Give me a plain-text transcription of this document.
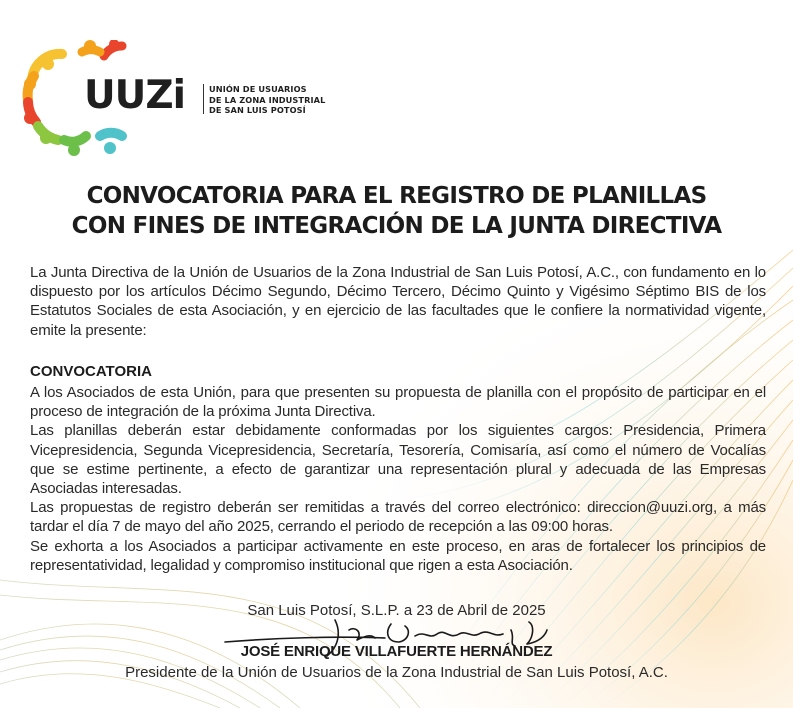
UUZi	UNIÓN DE USUARIOS
DE LA ZONA INDUSTRIAL
DE SAN LUIS POTOSÍ
CONVOCATORIA PARA EL REGISTRO DE PLANILLAS
CON FINES DE INTEGRACIÓN DE LA JUNTA DIRECTIVA
La Junta Directiva de la Unión de Usuarios de la Zona Industrial de San Luis Potosí, A.C., con fundamento en lo dispuesto por los artículos Décimo Segundo, Décimo Tercero, Décimo Quinto y Vigésimo Séptimo BIS de los Estatutos Sociales de esta Asociación, y en ejercicio de las facultades que le confiere la normatividad vigente, emite la presente:
CONVOCATORIA

A los Asociados de esta Unión, para que presenten su propuesta de planilla con el propósito de participar en el proceso de integración de la próxima Junta Directiva.

Las planillas deberán estar debidamente conformadas por los siguientes cargos: Presidencia, Primera Vicepresidencia, Segunda Vicepresidencia, Secretaría, Tesorería, Comisaría, así como el número de Vocalías que se estime pertinente, a efecto de garantizar una representación plural y adecuada de las Empresas Asociadas interesadas.

Las propuestas de registro deberán ser remitidas a través del correo electrónico: direccion@uuzi.org, a más tardar el día 7 de mayo del año 2025, cerrando el periodo de recepción a las 09:00 horas.

Se exhorta a los Asociados a participar activamente en este proceso, en aras de fortalecer los principios de representatividad, legalidad y compromiso institucional que rigen a esta Asociación.

San Luis Potosí, S.L.P. a 23 de Abril de 2025
JOSÉ ENRIQUE VILLAFUERTE HERNÁNDEZ
Presidente de la Unión de Usuarios de la Zona Industrial de San Luis Potosí, A.C.
